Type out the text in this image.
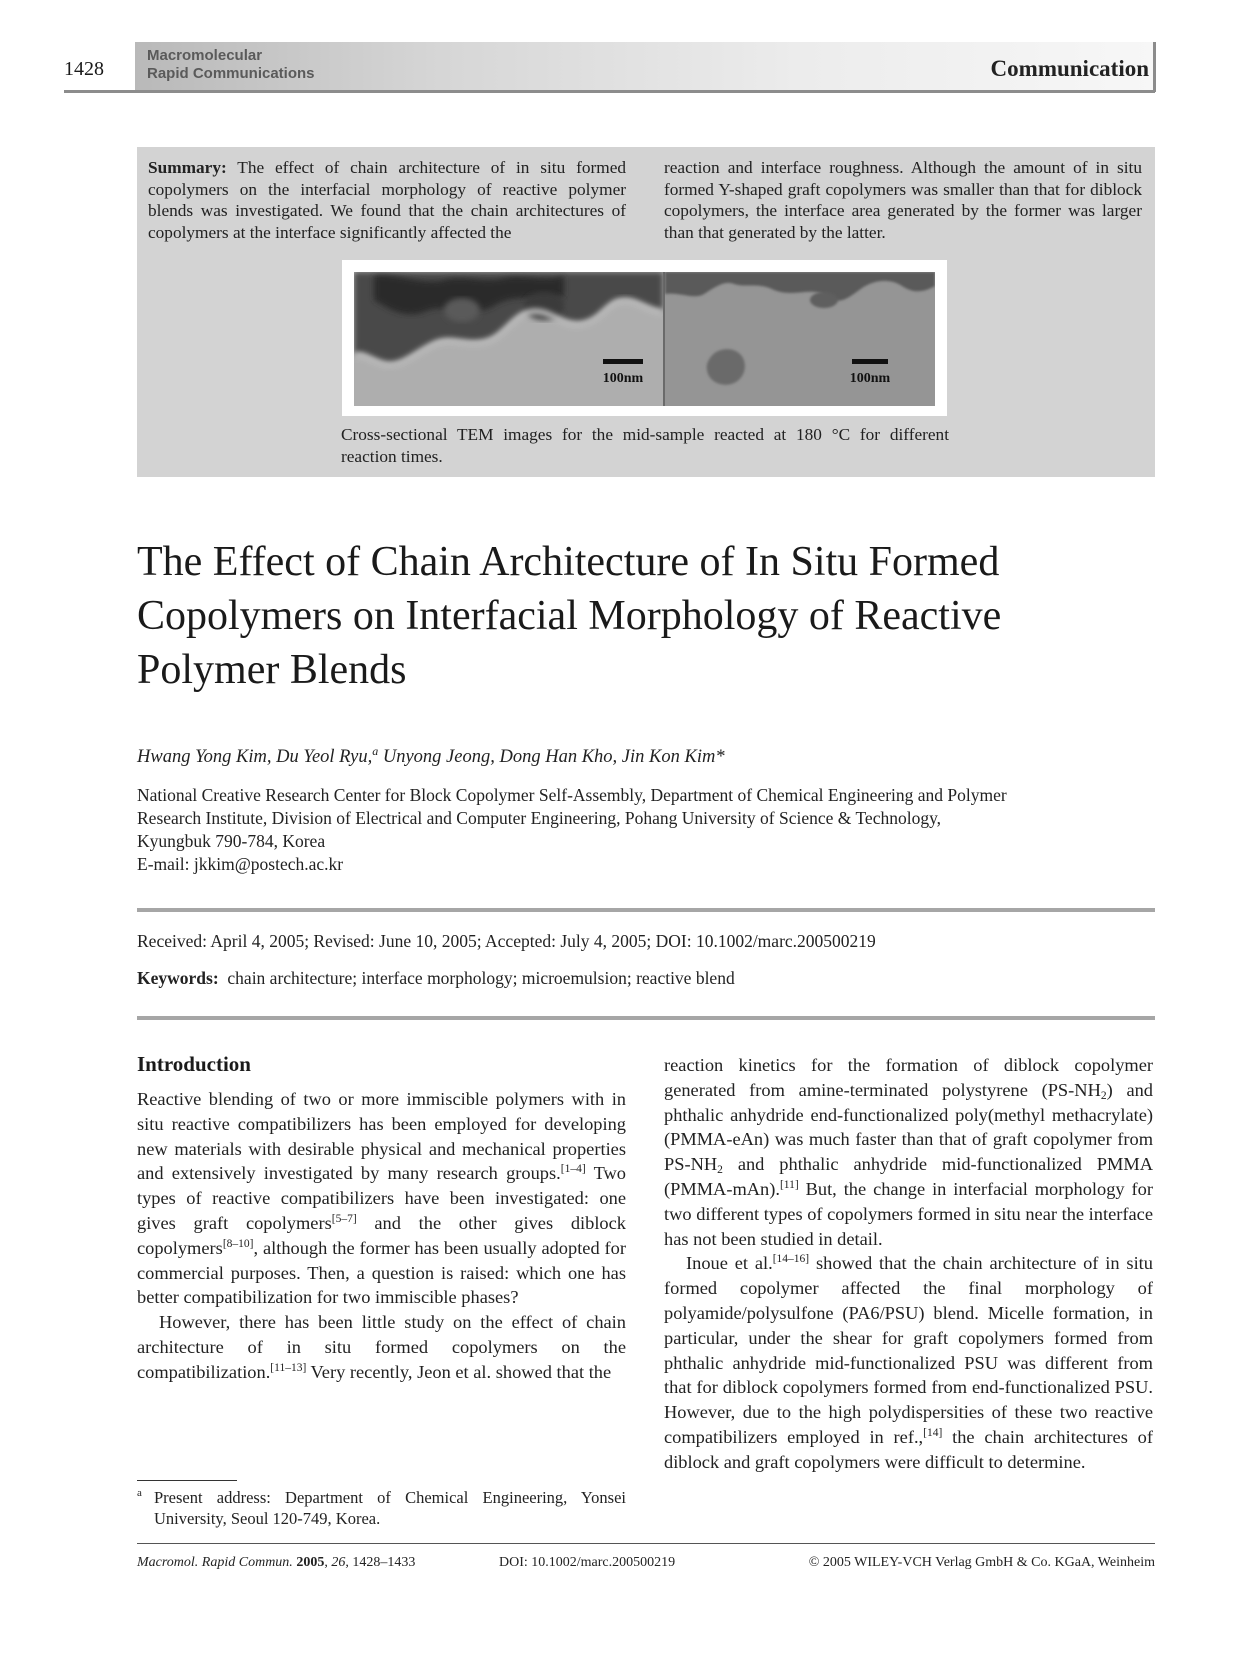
1428
Macromolecular
Rapid Communications	Communication
Summary: The effect of chain architecture of in situ formed copolymers on the interfacial morphology of reactive polymer blends was investigated. We found that the chain architectures of copolymers at the interface significantly affected the
reaction and interface roughness. Although the amount of in situ formed Y-shaped graft copolymers was smaller than that for diblock copolymers, the interface area generated by the former was larger than that generated by the latter.
100nm	100nm
Cross-sectional TEM images for the mid-sample reacted at 180 °C for different reaction times.
The Effect of Chain Architecture of In Situ Formed Copolymers on Interfacial Morphology of Reactive Polymer Blends
Hwang Yong Kim, Du Yeol Ryu,$^a$ Unyong Jeong, Dong Han Kho, Jin Kon Kim*
National Creative Research Center for Block Copolymer Self-Assembly, Department of Chemical Engineering and Polymer
Research Institute, Division of Electrical and Computer Engineering, Pohang University of Science & Technology,
Kyungbuk 790-784, Korea
E-mail: jkkim@postech.ac.kr
Received: April 4, 2005; Revised: June 10, 2005; Accepted: July 4, 2005; DOI: 10.1002/marc.200500219
Keywords: chain architecture; interface morphology; microemulsion; reactive blend
Introduction

Reactive blending of two or more immiscible polymers with in situ reactive compatibilizers has been employed for developing new materials with desirable physical and mechanical properties and extensively investigated by many research groups.[1–4] Two types of reactive compatibilizers have been investigated: one gives graft copolymers[5–7] and the other gives diblock copolymers[8–10], although the former has been usually adopted for commercial purposes. Then, a question is raised: which one has better compatibilization for two immiscible phases?

However, there has been little study on the effect of chain architecture of in situ formed copolymers on the compatibilization.[11–13] Very recently, Jeon et al. showed that the

reaction kinetics for the formation of diblock copolymer generated from amine-terminated polystyrene $(PS-NH_2)$ and phthalic anhydride end-functionalized poly(methyl methacrylate) (PMMA-eAn) was much faster than that of graft copolymer from $PS-NH_2$ and phthalic anhydride mid-functionalized PMMA (PMMA-mAn).[11] But, the change in interfacial morphology for two different types of copolymers formed in situ near the interface has not been studied in detail.

Inoue et al.[14–16] showed that the chain architecture of in situ formed copolymer affected the final morphology of polyamide/polysulfone (PA6/PSU) blend. Micelle formation, in particular, under the shear for graft copolymers formed from phthalic anhydride mid-functionalized PSU was different from that for diblock copolymers formed from end-functionalized PSU. However, due to the high polydispersities of these two reactive compatibilizers employed in ref.,[14] the chain architectures of diblock and graft copolymers were difficult to determine.

a Present address: Department of Chemical Engineering, Yonsei University, Seoul 120-749, Korea.
Macromol. Rapid Commun. 2005, 26, 1428–1433	DOI: 10.1002/marc.200500219	© 2005 WILEY-VCH Verlag GmbH & Co. KGaA, Weinheim
